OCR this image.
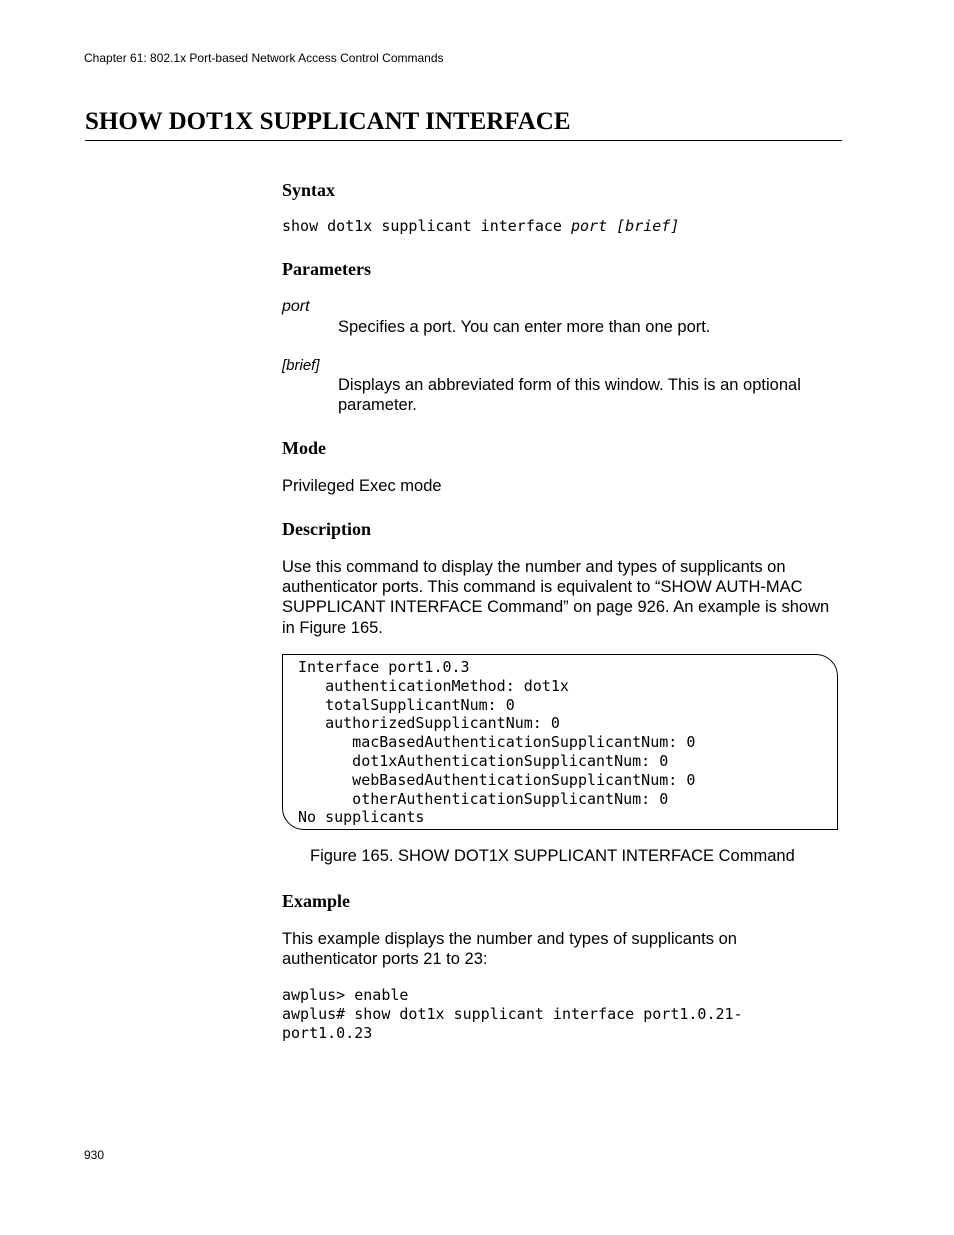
Chapter 61: 802.1x Port-based Network Access Control Commands
SHOW DOT1X SUPPLICANT INTERFACE
Syntax
show dot1x supplicant interface port [brief]
Parameters
port
Specifies a port. You can enter more than one port.
[brief]
Displays an abbreviated form of this window. This is an optional parameter.
Mode
Privileged Exec mode
Description
Use this command to display the number and types of supplicants on authenticator ports. This command is equivalent to “SHOW AUTH-MAC SUPPLICANT INTERFACE Command” on page 926. An example is shown in Figure 165.
Interface port1.0.3
authenticationMethod: dot1x
totalSupplicantNum: 0
authorizedSupplicantNum: 0
macBasedAuthenticationSupplicantNum: 0
dot1xAuthenticationSupplicantNum: 0
webBasedAuthenticationSupplicantNum: 0
otherAuthenticationSupplicantNum: 0
No supplicants
Figure 165. SHOW DOT1X SUPPLICANT INTERFACE Command
Example
This example displays the number and types of supplicants on authenticator ports 21 to 23:
awplus> enable
awplus# show dot1x supplicant interface port1.0.21-
port1.0.23
930
